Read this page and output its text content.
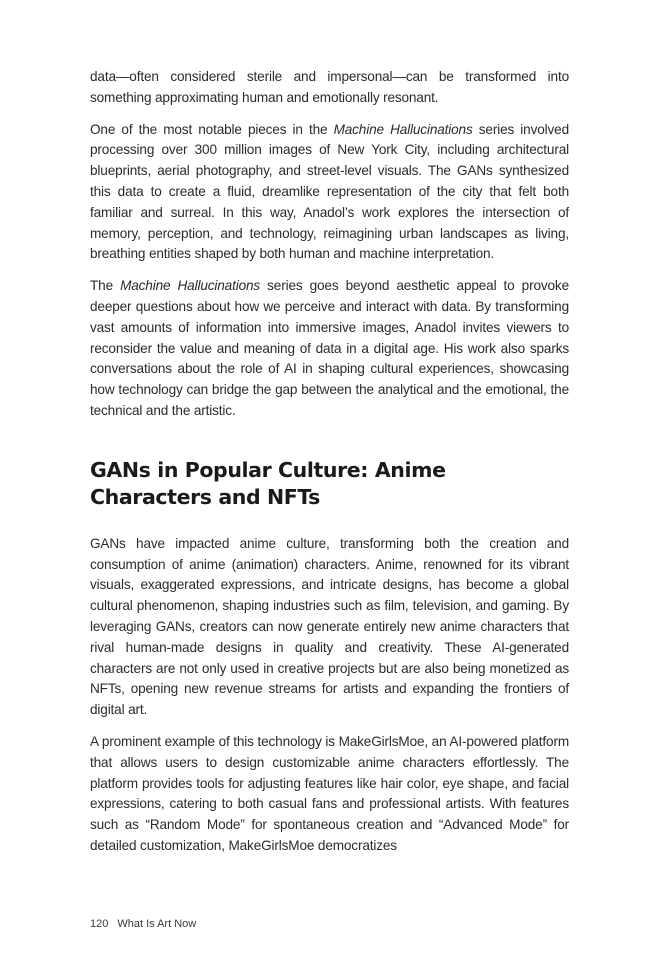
data—often considered sterile and impersonal—can be transformed into something approximating human and emotionally resonant.

One of the most notable pieces in the Machine Hallucinations series involved processing over 300 million images of New York City, including architectural blueprints, aerial photography, and street-level visuals. The GANs synthesized this data to create a fluid, dreamlike representation of the city that felt both familiar and surreal. In this way, Anadol’s work explores the intersection of memory, perception, and technology, reimagining urban landscapes as living, breathing entities shaped by both human and machine interpretation.

The Machine Hallucinations series goes beyond aesthetic appeal to provoke deeper questions about how we perceive and interact with data. By transforming vast amounts of information into immersive images, Anadol invites viewers to reconsider the value and meaning of data in a digital age. His work also sparks conversations about the role of AI in shaping cultural experiences, showcasing how technology can bridge the gap between the analytical and the emotional, the technical and the artistic.

GANs in Popular Culture: Anime Characters and NFTs

GANs have impacted anime culture, transforming both the creation and consumption of anime (animation) characters. Anime, renowned for its vibrant visuals, exaggerated expressions, and intricate designs, has become a global cultural phenomenon, shaping industries such as film, television, and gaming. By leveraging GANs, creators can now generate entirely new anime characters that rival human-made designs in quality and creativity. These AI-generated characters are not only used in creative projects but are also being monetized as NFTs, opening new revenue streams for artists and expanding the frontiers of digital art.

A prominent example of this technology is MakeGirlsMoe, an AI-powered platform that allows users to design customizable anime characters effortlessly. The platform provides tools for adjusting features like hair color, eye shape, and facial expressions, catering to both casual fans and professional artists. With features such as “Random Mode” for spontaneous creation and “Advanced Mode” for detailed customization, MakeGirlsMoe democratizes

120 What Is Art Now
